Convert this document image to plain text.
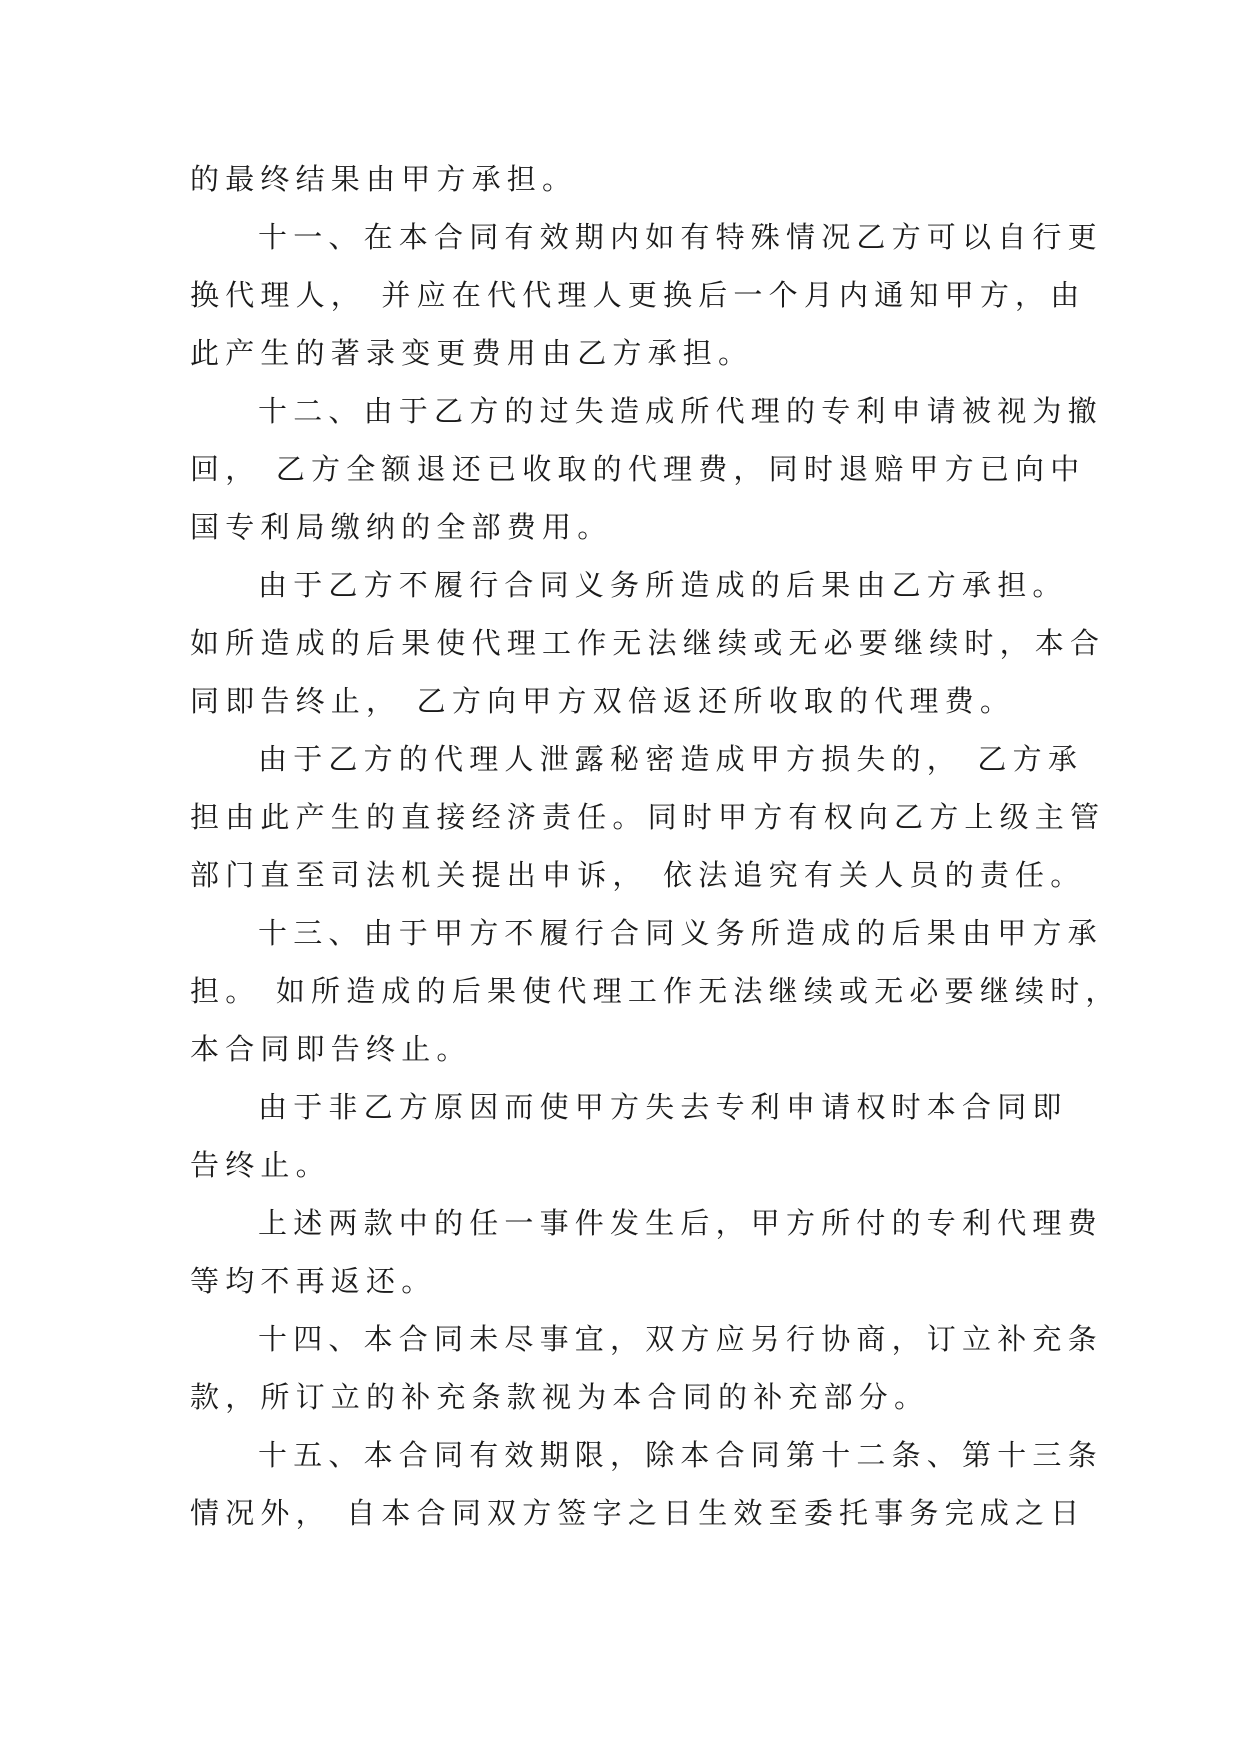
的最终结果由甲方承担。
十一、在本合同有效期内如有特殊情况乙方可以自行更
换代理人， 并应在代代理人更换后一个月内通知甲方，由
此产生的著录变更费用由乙方承担。
十二、由于乙方的过失造成所代理的专利申请被视为撤
回， 乙方全额退还已收取的代理费，同时退赔甲方已向中
国专利局缴纳的全部费用。
由于乙方不履行合同义务所造成的后果由乙方承担。
如所造成的后果使代理工作无法继续或无必要继续时，本合
同即告终止， 乙方向甲方双倍返还所收取的代理费。
由于乙方的代理人泄露秘密造成甲方损失的， 乙方承
担由此产生的直接经济责任。同时甲方有权向乙方上级主管
部门直至司法机关提出申诉， 依法追究有关人员的责任。
十三、由于甲方不履行合同义务所造成的后果由甲方承
担。 如所造成的后果使代理工作无法继续或无必要继续时，
本合同即告终止。
由于非乙方原因而使甲方失去专利申请权时本合同即
告终止。
上述两款中的任一事件发生后，甲方所付的专利代理费
等均不再返还。
十四、本合同未尽事宜，双方应另行协商，订立补充条
款，所订立的补充条款视为本合同的补充部分。
十五、本合同有效期限，除本合同第十二条、第十三条
情况外， 自本合同双方签字之日生效至委托事务完成之日
